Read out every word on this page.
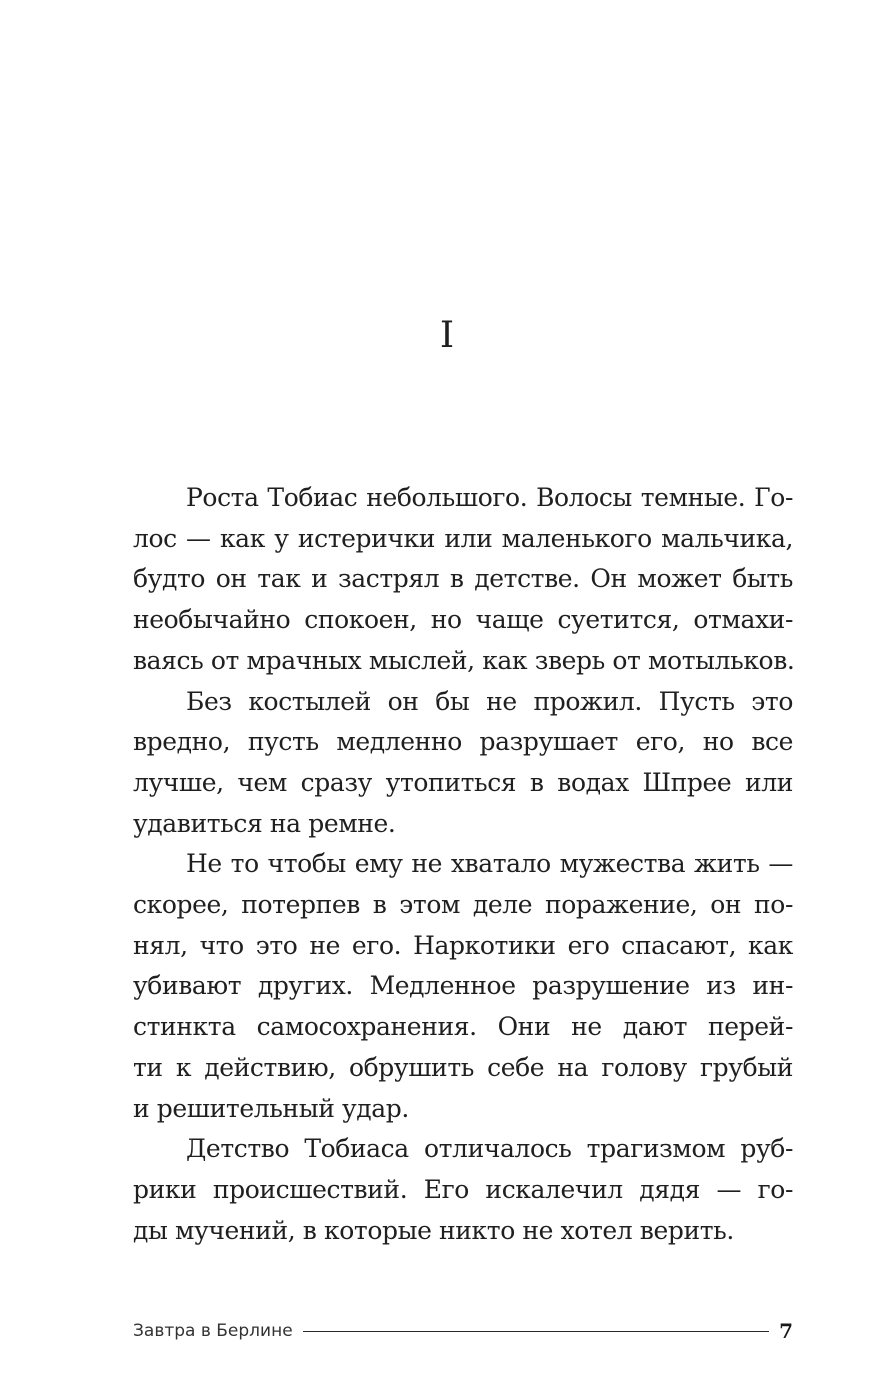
I
Роста Тобиас небольшого. Волосы темные. Го-
лос — как у истерички или маленького мальчика,
будто он так и застрял в детстве. Он может быть
необычайно спокоен, но чаще суетится, отмахи-
ваясь от мрачных мыслей, как зверь от мотыльков.
Без костылей он бы не прожил. Пусть это
вредно, пусть медленно разрушает его, но все
лучше, чем сразу утопиться в водах Шпрее или
удавиться на ремне.
Не то чтобы ему не хватало мужества жить —
скорее, потерпев в этом деле поражение, он по-
нял, что это не его. Наркотики его спасают, как
убивают других. Медленное разрушение из ин-
стинкта самосохранения. Они не дают перей-
ти к действию, обрушить себе на голову грубый
и решительный удар.
Детство Тобиаса отличалось трагизмом руб-
рики происшествий. Его искалечил дядя — го-
ды мучений, в которые никто не хотел верить.
Завтра в Берлине	7
